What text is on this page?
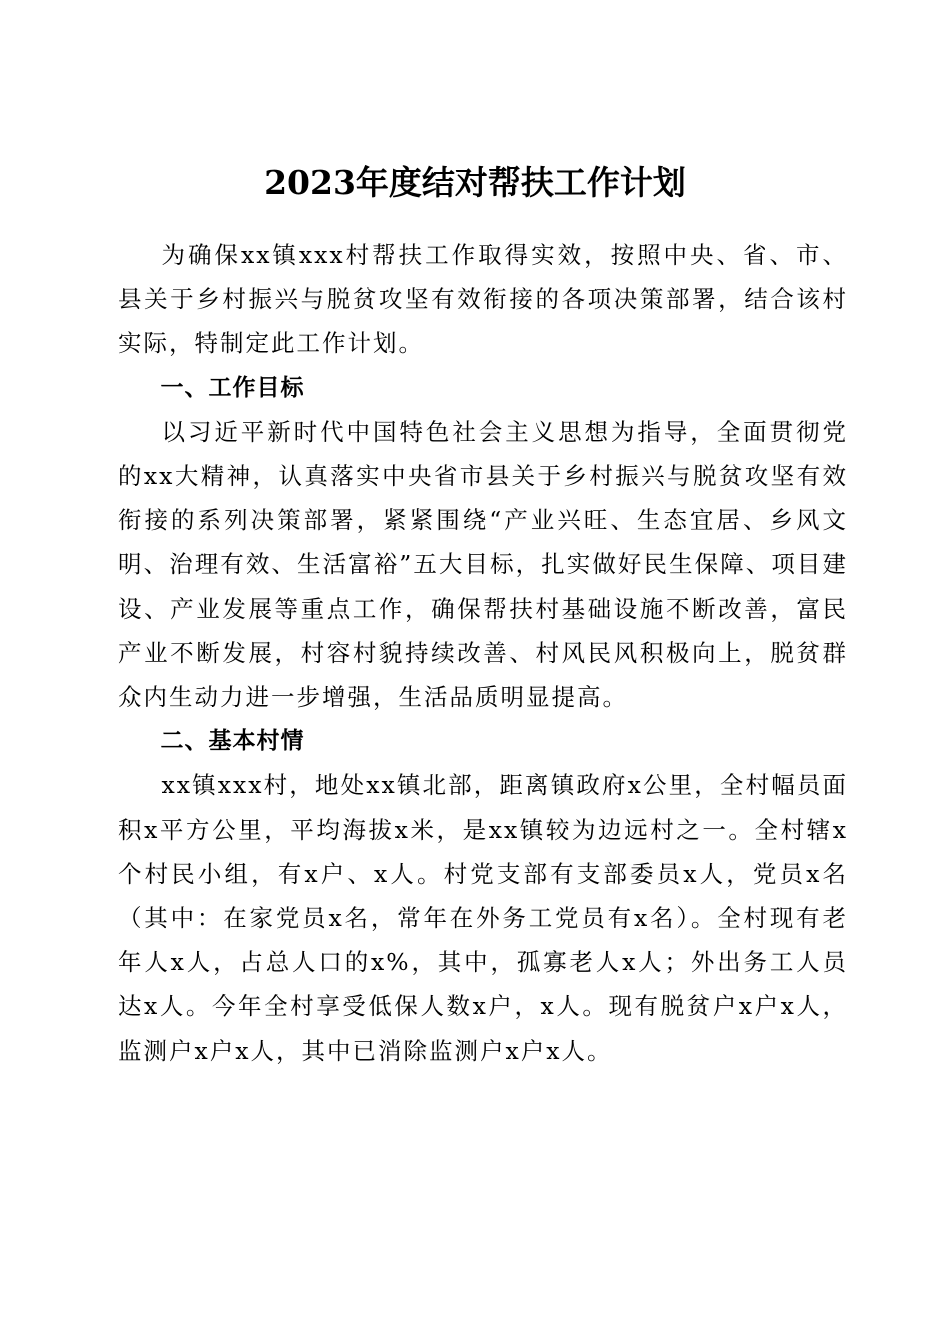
2023年度结对帮扶工作计划

为确保xx镇xxx村帮扶工作取得实效，按照中央、省、市、县关于乡村振兴与脱贫攻坚有效衔接的各项决策部署，结合该村实际，特制定此工作计划。

一、工作目标

以习近平新时代中国特色社会主义思想为指导，全面贯彻党的xx大精神，认真落实中央省市县关于乡村振兴与脱贫攻坚有效衔接的系列决策部署，紧紧围绕“产业兴旺、生态宜居、乡风文明、治理有效、生活富裕”五大目标，扎实做好民生保障、项目建设、产业发展等重点工作，确保帮扶村基础设施不断改善，富民产业不断发展，村容村貌持续改善、村风民风积极向上，脱贫群众内生动力进一步增强，生活品质明显提高。

二、基本村情

xx镇xxx村，地处xx镇北部，距离镇政府x公里，全村幅员面积x平方公里，平均海拔x米，是xx镇较为边远村之一。全村辖x个村民小组，有x户、x人。村党支部有支部委员x人，党员x名（其中：在家党员x名，常年在外务工党员有x名）。全村现有老年人x人，占总人口的x%，其中，孤寡老人x人；外出务工人员达x人。今年全村享受低保人数x户，x人。现有脱贫户x户x人，监测户x户x人，其中已消除监测户x户x人。
